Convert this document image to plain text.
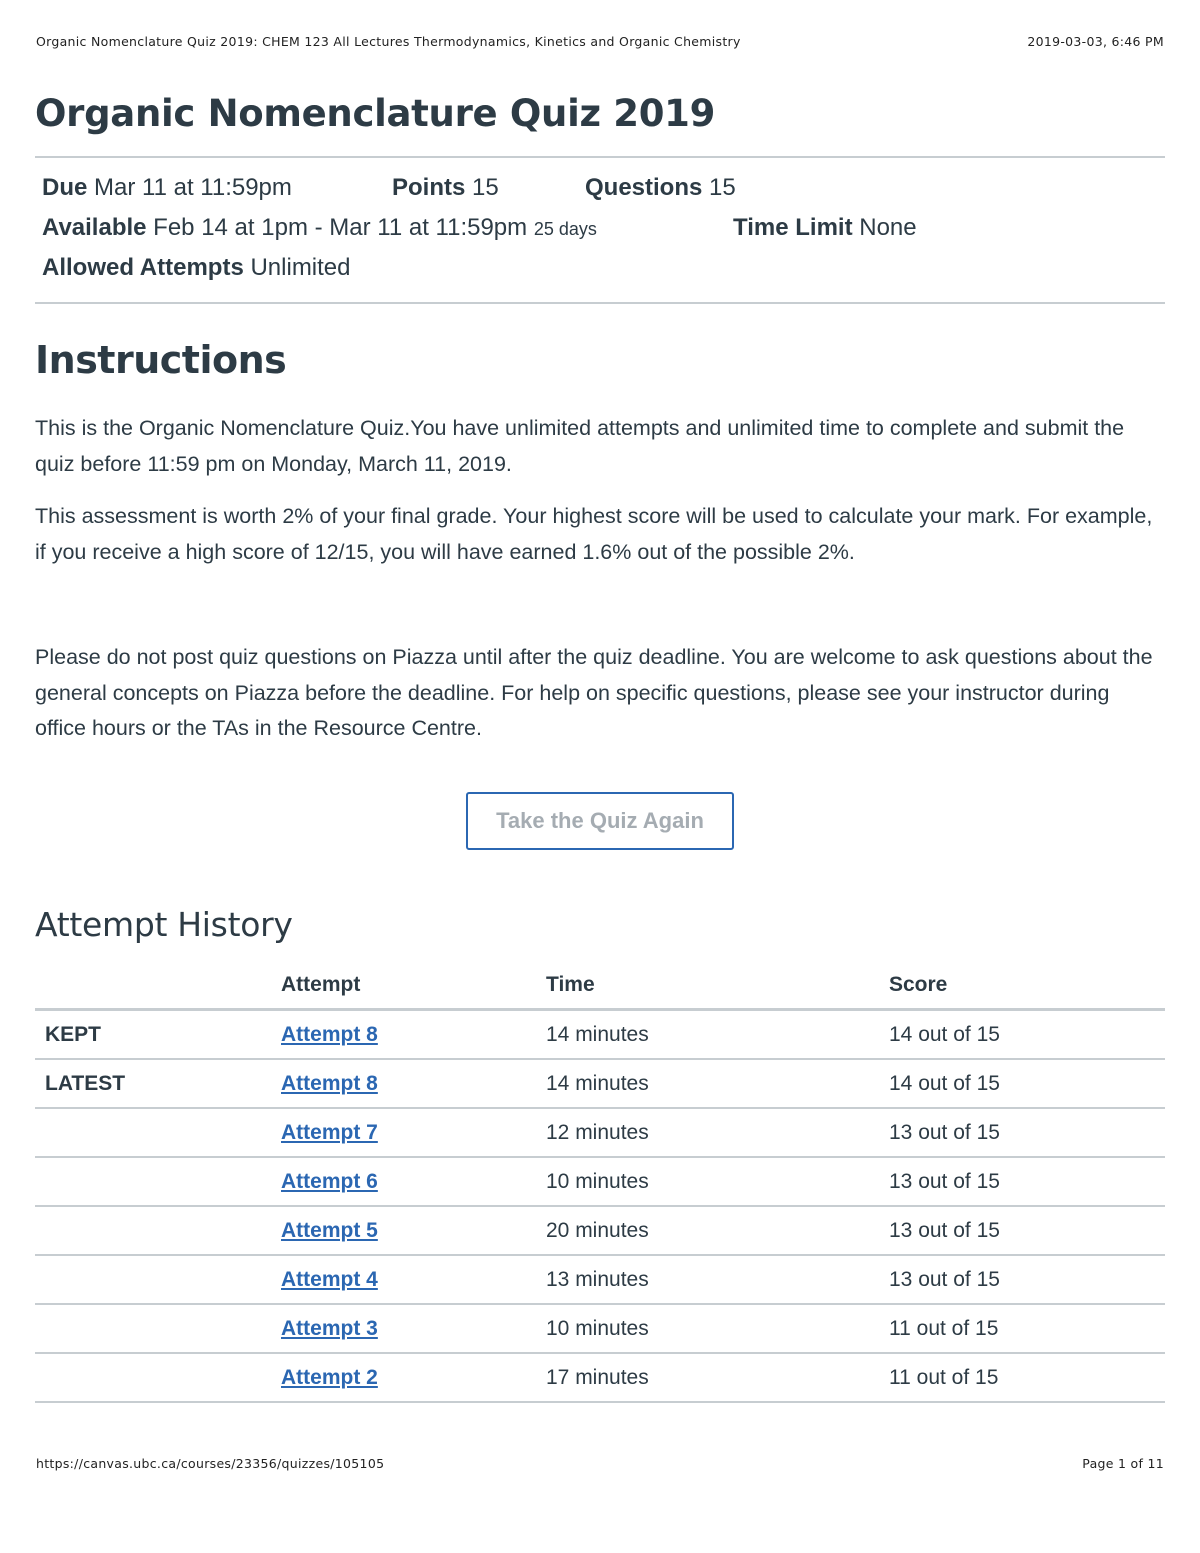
Organic Nomenclature Quiz 2019: CHEM 123 All Lectures Thermodynamics, Kinetics and Organic Chemistry	2019-03-03, 6:46 PM
Organic Nomenclature Quiz 2019
Due Mar 11 at 11:59pm	Points 15	Questions 15
Available Feb 14 at 1pm - Mar 11 at 11:59pm 25 days	Time Limit None
Allowed Attempts Unlimited
Instructions

This is the Organic Nomenclature Quiz.You have unlimited attempts and unlimited time to complete and submit the quiz before 11:59 pm on Monday, March 11, 2019.

This assessment is worth 2% of your final grade. Your highest score will be used to calculate your mark. For example, if you receive a high score of 12/15, you will have earned 1.6% out of the possible 2%.

Please do not post quiz questions on Piazza until after the quiz deadline. You are welcome to ask questions about the general concepts on Piazza before the deadline. For help on specific questions, please see your instructor during office hours or the TAs in the Resource Centre.

Take the Quiz Again
Attempt History
	Attempt	Time	Score
KEPT	Attempt 8	14 minutes	14 out of 15
LATEST	Attempt 8	14 minutes	14 out of 15
	Attempt 7	12 minutes	13 out of 15
	Attempt 6	10 minutes	13 out of 15
	Attempt 5	20 minutes	13 out of 15
	Attempt 4	13 minutes	13 out of 15
	Attempt 3	10 minutes	11 out of 15
	Attempt 2	17 minutes	11 out of 15
https://canvas.ubc.ca/courses/23356/quizzes/105105	Page 1 of 11
